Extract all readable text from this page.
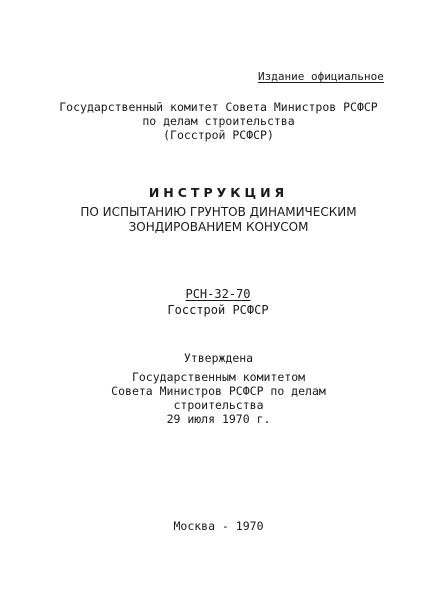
Издание официальное
Государственный комитет Совета Министров РСФСР
по делам строительства
(Госстрой РСФСР)
ИНСТРУКЦИЯ
ПО ИСПЫТАНИЮ ГРУНТОВ ДИНАМИЧЕСКИМ
ЗОНДИРОВАНИЕМ КОНУСОМ
РСН-32-70
Госстрой РСФСР
Утверждена
Государственным комитетом
Совета Министров РСФСР по делам
строительства
29 июля 1970 г.
Москва - 1970
